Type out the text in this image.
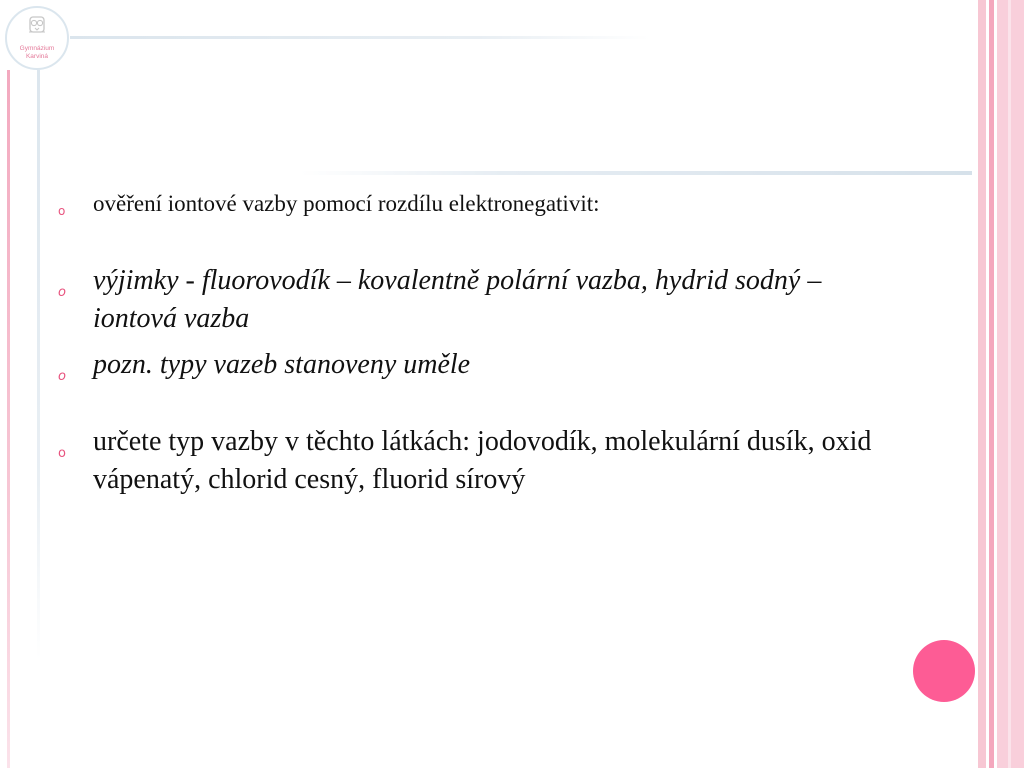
Gymnázium
Karviná
o ověření iontové vazby pomocí rozdílu elektronegativit:
o výjimky - fluorovodík – kovalentně polární vazba, hydrid sodný – iontová vazba
o pozn. typy vazeb stanoveny uměle
o určete typ vazby v těchto látkách: jodovodík, molekulární dusík, oxid vápenatý, chlorid cesný, fluorid sírový
